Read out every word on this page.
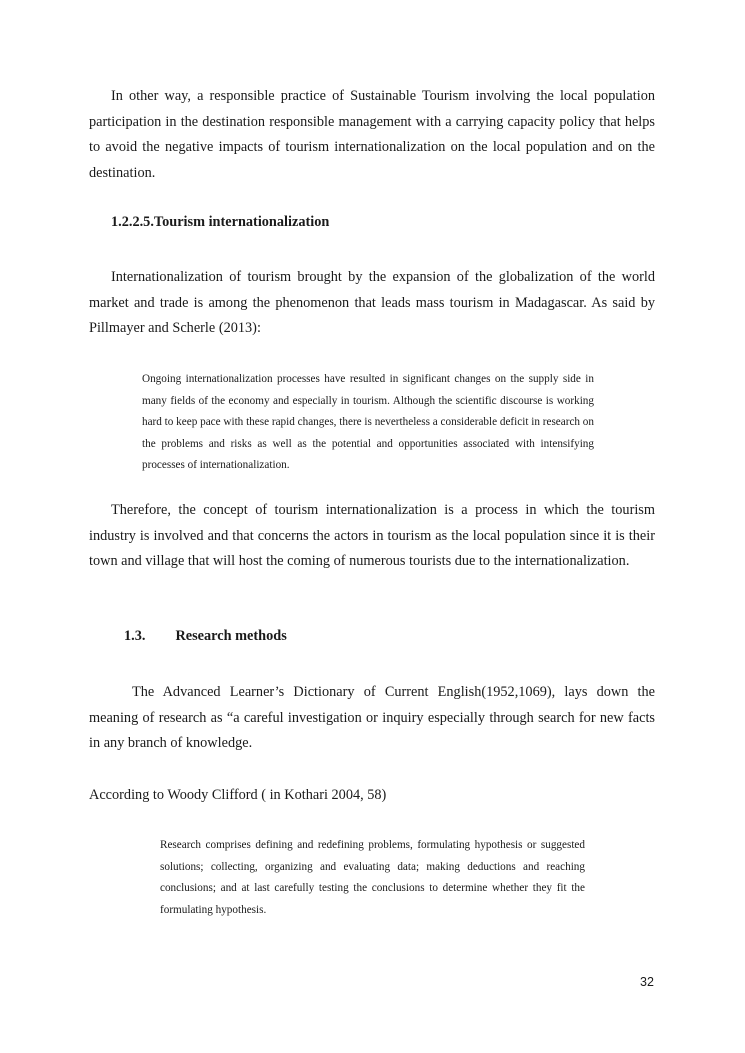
In other way, a responsible practice of Sustainable Tourism involving the local population participation in the destination responsible management with a carrying capacity policy that helps to avoid the negative impacts of tourism internationalization on the local population and on the destination.

1.2.2.5.Tourism internationalization

Internationalization of tourism brought by the expansion of the globalization of the world market and trade is among the phenomenon that leads mass tourism in Madagascar. As said by Pillmayer and Scherle (2013):

Ongoing internationalization processes have resulted in significant changes on the supply side in many fields of the economy and especially in tourism. Although the scientific discourse is working hard to keep pace with these rapid changes, there is nevertheless a considerable deficit in research on the problems and risks as well as the potential and opportunities associated with intensifying processes of internationalization.

Therefore, the concept of tourism internationalization is a process in which the tourism industry is involved and that concerns the actors in tourism as the local population since it is their town and village that will host the coming of numerous tourists due to the internationalization.

1.3. Research methods

The Advanced Learner’s Dictionary of Current English(1952,1069), lays down the meaning of research as “a careful investigation or inquiry especially through search for new facts in any branch of knowledge.

According to Woody Clifford ( in Kothari 2004, 58)

Research comprises defining and redefining problems, formulating hypothesis or suggested solutions; collecting, organizing and evaluating data; making deductions and reaching conclusions; and at last carefully testing the conclusions to determine whether they fit the formulating hypothesis.

32
